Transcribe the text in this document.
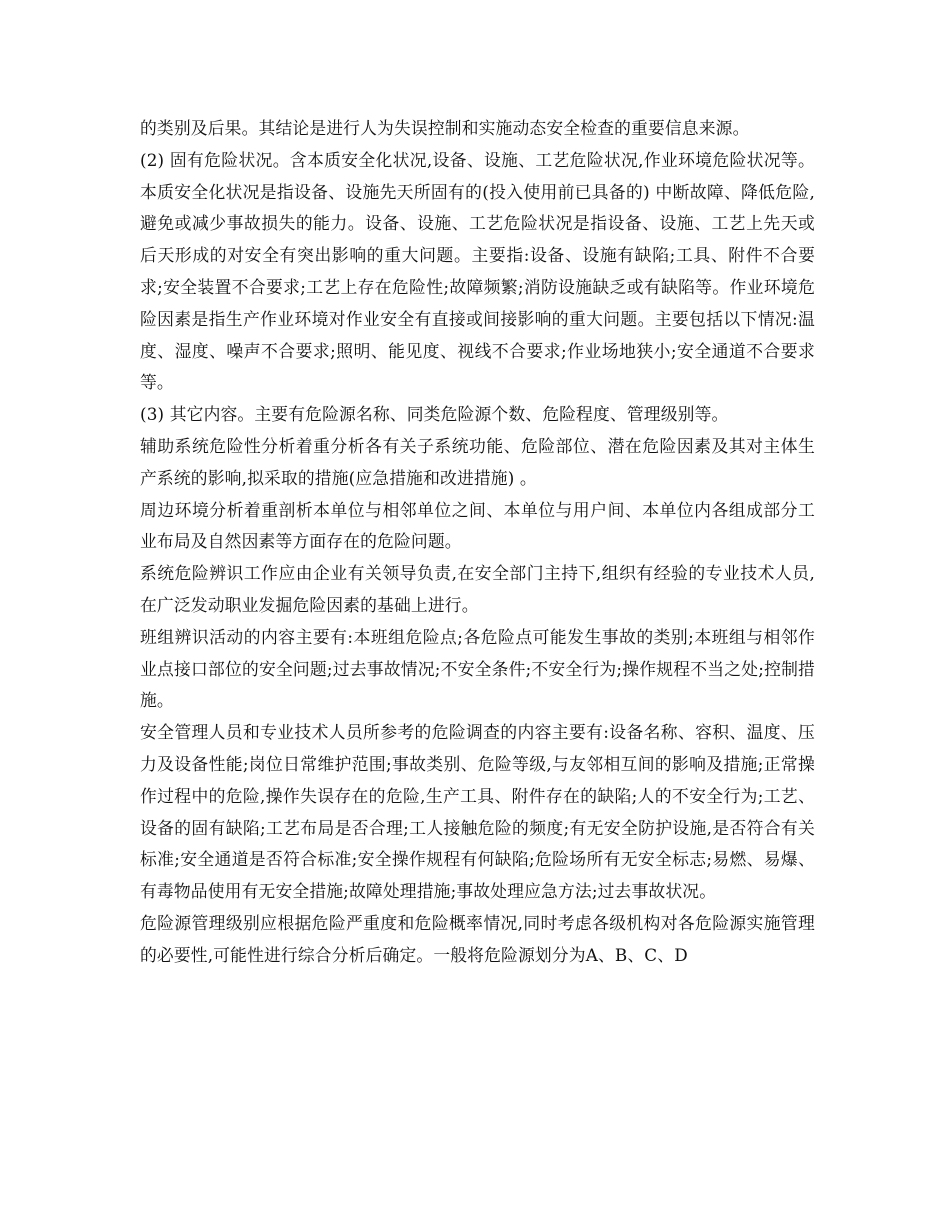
的类别及后果。其结论是进行人为失误控制和实施动态安全检查的重要信息来源。

(2) 固有危险状况。含本质安全化状况,设备、设施、工艺危险状况,作业环境危险状况等。本质安全化状况是指设备、设施先天所固有的(投入使用前已具备的) 中断故障、降低危险,避免或减少事故损失的能力。设备、设施、工艺危险状况是指设备、设施、工艺上先天或后天形成的对安全有突出影响的重大问题。主要指:设备、设施有缺陷;工具、附件不合要求;安全装置不合要求;工艺上存在危险性;故障频繁;消防设施缺乏或有缺陷等。作业环境危险因素是指生产作业环境对作业安全有直接或间接影响的重大问题。主要包括以下情况:温度、湿度、噪声不合要求;照明、能见度、视线不合要求;作业场地狭小;安全通道不合要求等。

(3) 其它内容。主要有危险源名称、同类危险源个数、危险程度、管理级别等。

辅助系统危险性分析着重分析各有关子系统功能、危险部位、潜在危险因素及其对主体生产系统的影响,拟采取的措施(应急措施和改进措施) 。

周边环境分析着重剖析本单位与相邻单位之间、本单位与用户间、本单位内各组成部分工业布局及自然因素等方面存在的危险问题。

系统危险辨识工作应由企业有关领导负责,在安全部门主持下,组织有经验的专业技术人员,在广泛发动职业发掘危险因素的基础上进行。

班组辨识活动的内容主要有:本班组危险点;各危险点可能发生事故的类别;本班组与相邻作业点接口部位的安全问题;过去事故情况;不安全条件;不安全行为;操作规程不当之处;控制措施。

安全管理人员和专业技术人员所参考的危险调查的内容主要有:设备名称、容积、温度、压力及设备性能;岗位日常维护范围;事故类别、危险等级,与友邻相互间的影响及措施;正常操作过程中的危险,操作失误存在的危险,生产工具、附件存在的缺陷;人的不安全行为;工艺、设备的固有缺陷;工艺布局是否合理;工人接触危险的频度;有无安全防护设施,是否符合有关标准;安全通道是否符合标准;安全操作规程有何缺陷;危险场所有无安全标志;易燃、易爆、有毒物品使用有无安全措施;故障处理措施;事故处理应急方法;过去事故状况。

危险源管理级别应根据危险严重度和危险概率情况,同时考虑各级机构对各危险源实施管理的必要性,可能性进行综合分析后确定。一般将危险源划分为A、B、C、D
